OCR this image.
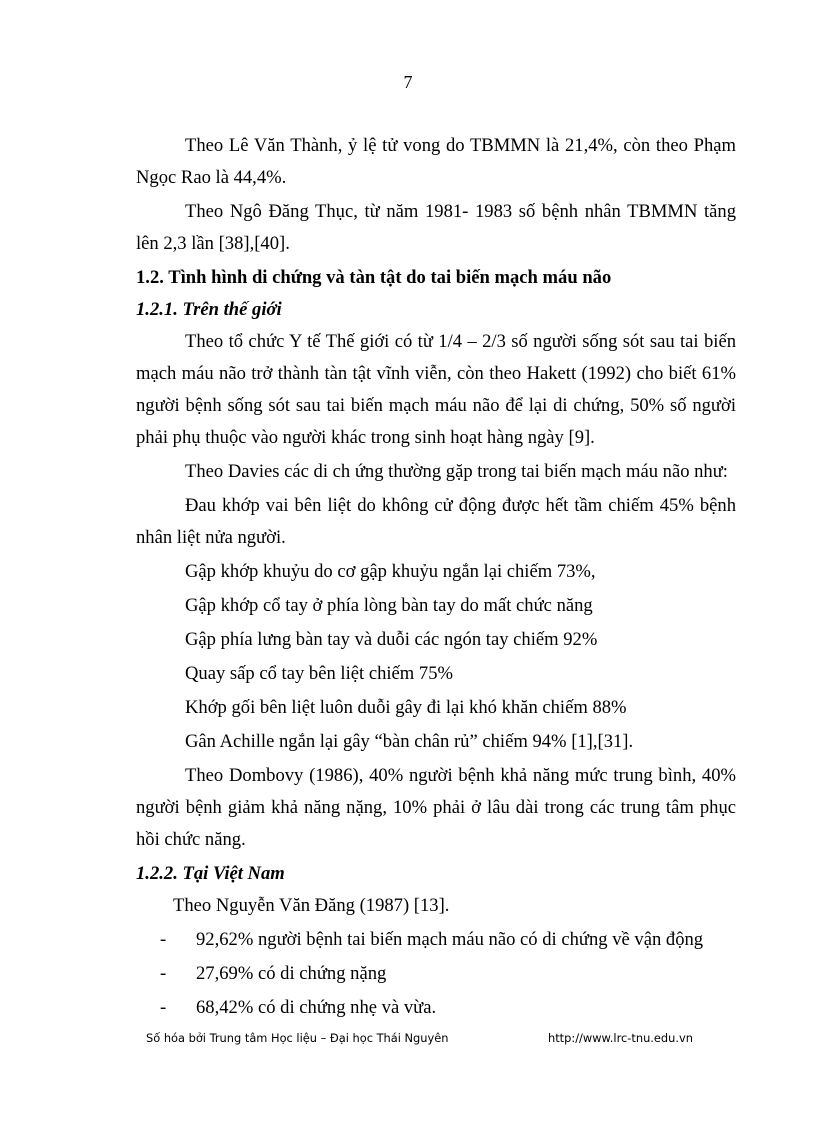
7

Theo Lê Văn Thành, ỷ lệ tử vong do TBMMN là 21,4%, còn theo Phạm Ngọc Rao là 44,4%.

Theo Ngô Đăng Thục, từ năm 1981- 1983 số bệnh nhân TBMMN tăng lên 2,3 lần [38],[40].

1.2. Tình hình di chứng và tàn tật do tai biến mạch máu não
1.2.1. Trên thế giới

Theo tổ chức Y tế Thế giới có từ 1/4 – 2/3 số người sống sót sau tai biến mạch máu não trở thành tàn tật vĩnh viễn, còn theo Hakett (1992) cho biết 61% người bệnh sống sót sau tai biến mạch máu não để lại di chứng, 50% số người phải phụ thuộc vào người khác trong sinh hoạt hàng ngày [9].

Theo Davies các di ch ứng thường gặp trong tai biến mạch máu não như:

Đau khớp vai bên liệt do không cử động được hết tầm chiếm 45% bệnh nhân liệt nửa người.

Gập khớp khuỷu do cơ gập khuỷu ngắn lại chiếm 73%,

Gập khớp cổ tay ở phía lòng bàn tay do mất chức năng

Gập phía lưng bàn tay và duỗi các ngón tay chiếm 92%

Quay sấp cổ tay bên liệt chiếm 75%

Khớp gối bên liệt luôn duỗi gây đi lại khó khăn chiếm 88%

Gân Achille ngắn lại gây “bàn chân rủ” chiếm 94% [1],[31].

Theo Dombovy (1986), 40% người bệnh khả năng mức trung bình, 40% người bệnh giảm khả năng nặng, 10% phải ở lâu dài trong các trung tâm phục hồi chức năng.

1.2.2. Tại Việt Nam

Theo Nguyễn Văn Đăng (1987) [13].

-	92,62% người bệnh tai biến mạch máu não có di chứng về vận động
-	27,69% có di chứng nặng
-	68,42% có di chứng nhẹ và vừa.
Số hóa bởi Trung tâm Học liệu – Đại học Thái Nguyên	http://www.lrc-tnu.edu.vn
